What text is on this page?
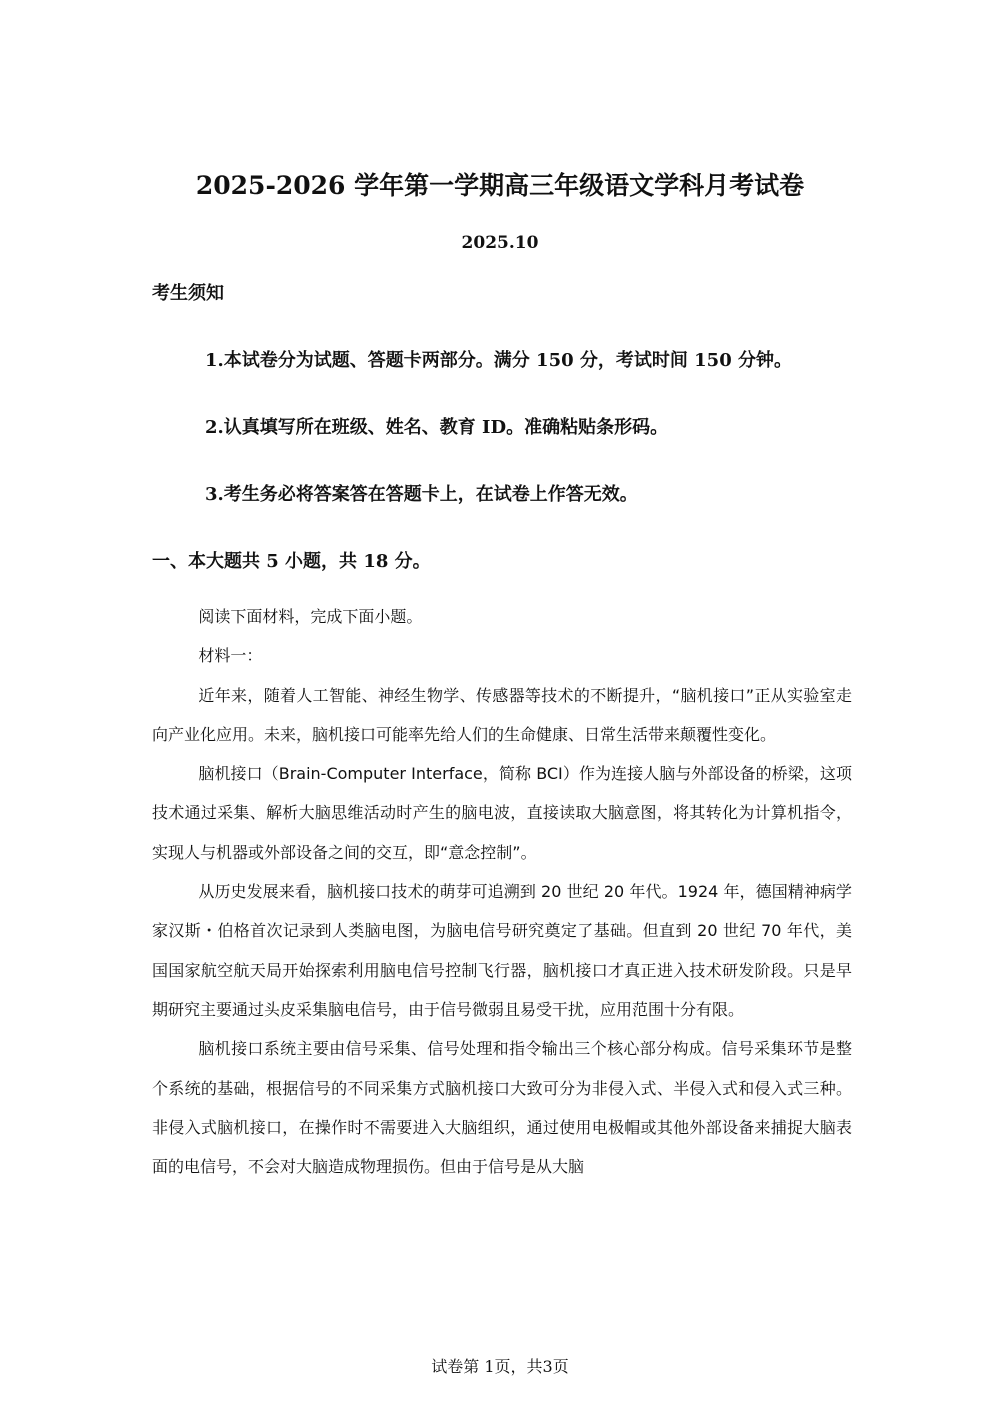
2025-2026 学年第一学期高三年级语文学科月考试卷
2025.10
考生须知
1.本试卷分为试题、答题卡两部分。满分 150 分，考试时间 150 分钟。
2.认真填写所在班级、姓名、教育 ID。准确粘贴条形码。
3.考生务必将答案答在答题卡上，在试卷上作答无效。
一、本大题共 5 小题，共 18 分。

阅读下面材料，完成下面小题。

材料一：

近年来，随着人工智能、神经生物学、传感器等技术的不断提升，“脑机接口”正从实验室走向产业化应用。未来，脑机接口可能率先给人们的生命健康、日常生活带来颠覆性变化。

脑机接口（Brain-Computer Interface，简称 BCI）作为连接人脑与外部设备的桥梁，这项技术通过采集、解析大脑思维活动时产生的脑电波，直接读取大脑意图，将其转化为计算机指令，实现人与机器或外部设备之间的交互，即“意念控制”。

从历史发展来看，脑机接口技术的萌芽可追溯到 20 世纪 20 年代。1924 年，德国精神病学家汉斯・伯格首次记录到人类脑电图，为脑电信号研究奠定了基础。但直到 20 世纪 70 年代，美国国家航空航天局开始探索利用脑电信号控制飞行器，脑机接口才真正进入技术研发阶段。只是早期研究主要通过头皮采集脑电信号，由于信号微弱且易受干扰，应用范围十分有限。

脑机接口系统主要由信号采集、信号处理和指令输出三个核心部分构成。信号采集环节是整个系统的基础，根据信号的不同采集方式脑机接口大致可分为非侵入式、半侵入式和侵入式三种。非侵入式脑机接口，在操作时不需要进入大脑组织，通过使用电极帽或其他外部设备来捕捉大脑表面的电信号，不会对大脑造成物理损伤。但由于信号是从大脑

试卷第 1页，共3页
